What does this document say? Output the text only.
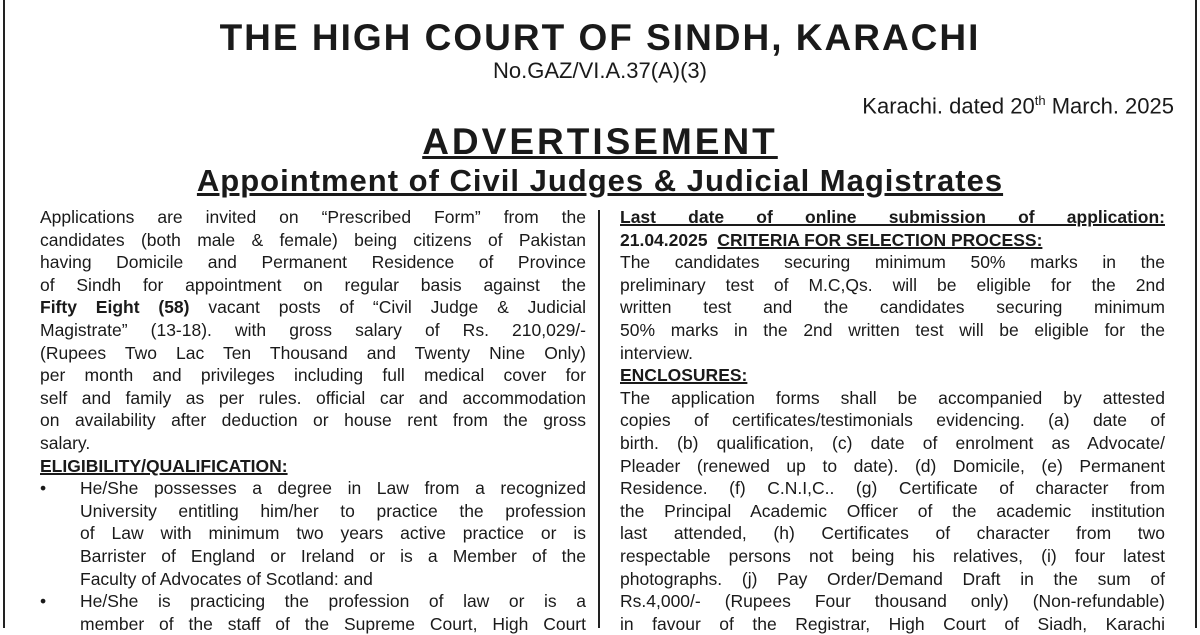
THE HIGH COURT OF SINDH, KARACHI
No.GAZ/VI.A.37(A)(3)
Karachi. dated 20th March. 2025
ADVERTISEMENT
Appointment of Civil Judges & Judicial Magistrates
Applications are invited on “Prescribed Form” from the
candidates (both male & female) being citizens of Pakistan
having Domicile and Permanent Residence of Province
of Sindh for appointment on regular basis against the
Fifty Eight (58) vacant posts of “Civil Judge & Judicial
Magistrate” (13-18). with gross salary of Rs. 210,029/-
(Rupees Two Lac Ten Thousand and Twenty Nine Only)
per month and privileges including full medical cover for
self and family as per rules. official car and accommodation
on availability after deduction or house rent from the gross
salary.
ELIGIBILITY/QUALIFICATION:
• He/She possesses a degree in Law from a recognized
University entitling him/her to practice the profession
of Law with minimum two years active practice or is
Barrister of England or Ireland or is a Member of the
Faculty of Advocates of Scotland: and
• He/She is practicing the profession of law or is a
member of the staff of the Supreme Court, High Court
Last date of online submission of application:
21.04.2025 CRITERIA FOR SELECTION PROCESS:
The candidates securing minimum 50% marks in the
preliminary test of M.C,Qs. will be eligible for the 2nd
written test and the candidates securing minimum
50% marks in the 2nd written test will be eligible for the
interview.
ENCLOSURES:
The application forms shall be accompanied by attested
copies of certificates/testimonials evidencing. (a) date of
birth. (b) qualification, (c) date of enrolment as Advocate/
Pleader (renewed up to date). (d) Domicile, (e) Permanent
Residence. (f) C.N.I,C.. (g) Certificate of character from
the Principal Academic Officer of the academic institution
last attended, (h) Certificates of character from two
respectable persons not being his relatives, (i) four latest
photographs. (j) Pay Order/Demand Draft in the sum of
Rs.4,000/- (Rupees Four thousand only) (Non-refundable)
in favour of the Registrar, High Court of Siadh, Karachi
